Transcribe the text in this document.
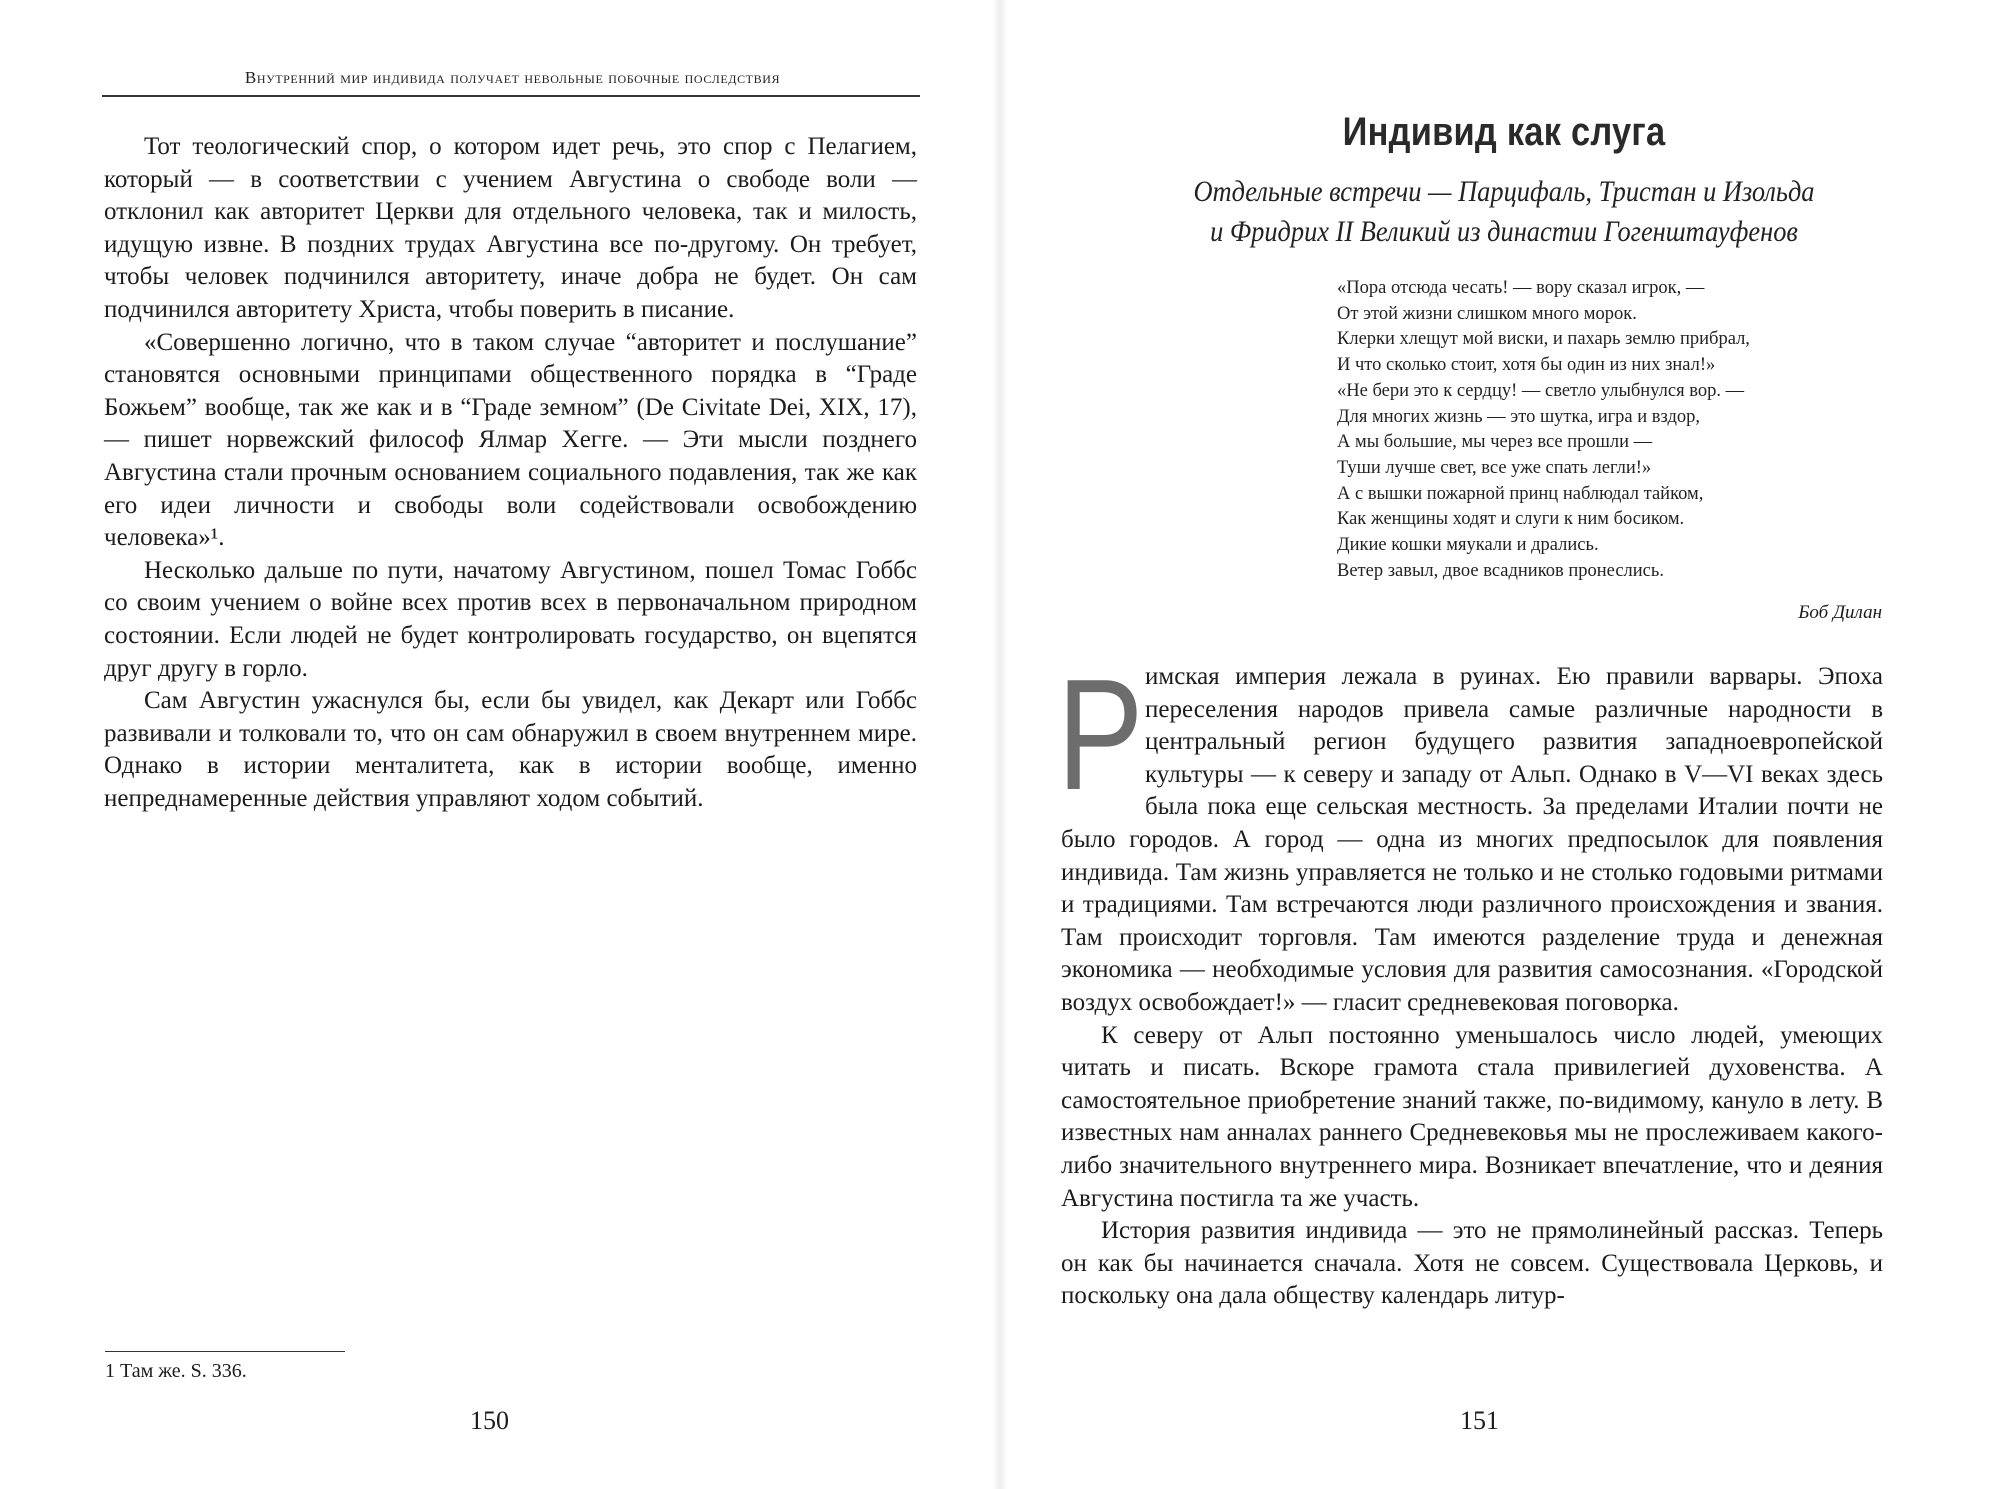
Внутренний мир индивида получает невольные побочные последствия

Тот теологический спор, о котором идет речь, это спор с Пелагием, который — в соответствии с учением Августина о свободе воли — отклонил как авторитет Церкви для отдельного человека, так и милость, идущую извне. В поздних трудах Августина все по-другому. Он требует, чтобы человек подчинился авторитету, иначе добра не будет. Он сам подчинился авторитету Христа, чтобы поверить в писание.

«Совершенно логично, что в таком случае “авторитет и послушание” становятся основными принципами общественного порядка в “Граде Божьем” вообще, так же как и в “Граде земном” (De Civitate Dei, XIX, 17), — пишет норвежский философ Ялмар Хегге. — Эти мысли позднего Августина стали прочным основанием социального подавления, так же как его идеи личности и свободы воли содействовали освобождению человека»¹.

Несколько дальше по пути, начатому Августином, пошел Томас Гоббс со своим учением о войне всех против всех в первоначальном природном состоянии. Если людей не будет контролировать государство, он вцепятся друг другу в горло.

Сам Августин ужаснулся бы, если бы увидел, как Декарт или Гоббс развивали и толковали то, что он сам обнаружил в своем внутреннем мире. Однако в истории менталитета, как в истории вообще, именно непреднамеренные действия управляют ходом событий.

1 Там же. S. 336.
150
Индивид как слуга
Отдельные встречи — Парцифаль, Тристан и Изольда
и Фридрих II Великий из династии Гогенштауфенов
«Пора отсюда чесать! — вору сказал игрок, —
От этой жизни слишком много морок.
Клерки хлещут мой виски, и пахарь землю прибрал,
И что сколько стоит, хотя бы один из них знал!»
«Не бери это к сердцу! — светло улыбнулся вор. —
Для многих жизнь — это шутка, игра и вздор,
А мы большие, мы через все прошли —
Туши лучше свет, все уже спать легли!»
А с вышки пожарной принц наблюдал тайком,
Как женщины ходят и слуги к ним босиком.
Дикие кошки мяукали и дрались.
Ветер завыл, двое всадников пронеслись.
Боб Дилан
Р имская империя лежала в руинах. Ею правили варвары. Эпоха переселения народов привела самые различные народности в центральный регион будущего развития западноевропейской культуры — к северу и западу от Альп. Однако в V—VI веках здесь была пока еще сельская местность. За пределами Италии почти не было городов. А город — одна из многих предпосылок для появления индивида. Там жизнь управляется не только и не столько годовыми ритмами и традициями. Там встречаются люди различного происхождения и звания. Там происходит торговля. Там имеются разделение труда и денежная экономика — необходимые условия для развития самосознания. «Городской воздух освобождает!» — гласит средневековая поговорка.

К северу от Альп постоянно уменьшалось число людей, умеющих читать и писать. Вскоре грамота стала привилегией духовенства. А самостоятельное приобретение знаний также, по-видимому, кануло в лету. В известных нам анналах раннего Средневековья мы не прослеживаем какого-либо значительного внутреннего мира. Возникает впечатление, что и деяния Августина постигла та же участь.

История развития индивида — это не прямолинейный рассказ. Теперь он как бы начинается сначала. Хотя не совсем. Существовала Церковь, и поскольку она дала обществу календарь литур-

151
